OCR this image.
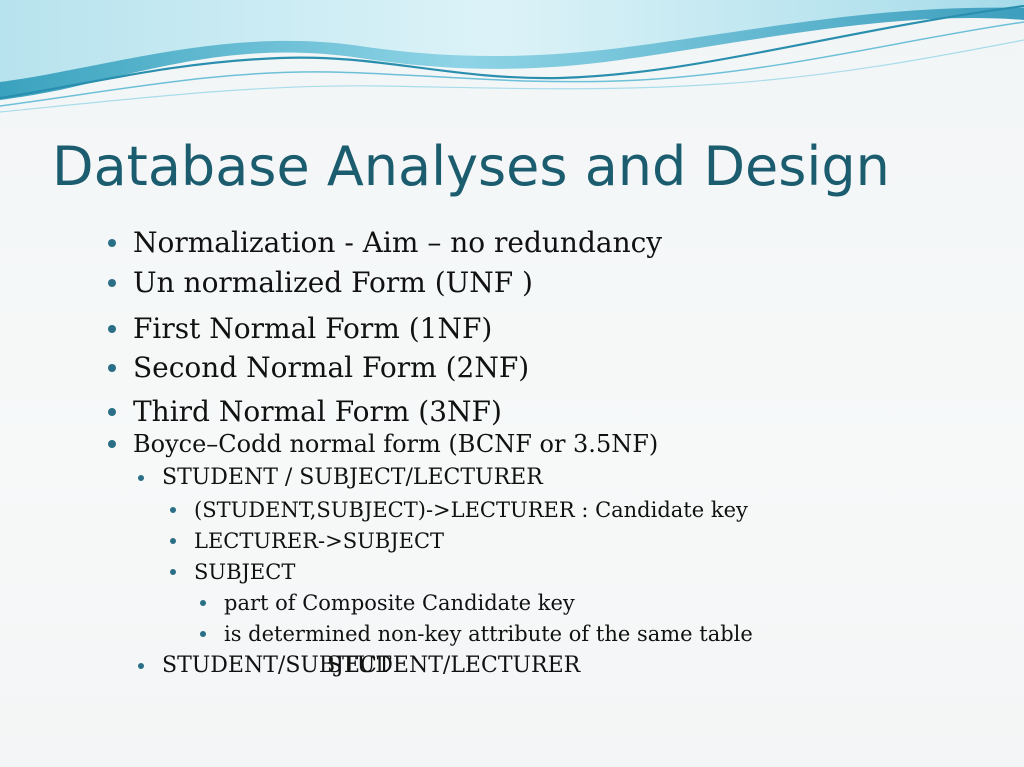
Database Analyses and Design
Normalization - Aim – no redundancy
Un normalized Form (UNF )
First Normal Form (1NF)
Second Normal Form (2NF)
Third Normal Form (3NF)
Boyce–Codd normal form (BCNF or 3.5NF)
STUDENT / SUBJECT/LECTURER
(STUDENT,SUBJECT)->LECTURER : Candidate key
LECTURER->SUBJECT
SUBJECT
part of Composite Candidate key
is determined non-key attribute of the same table
STUDENT/SUBJECT
STUDENT/LECTURER
